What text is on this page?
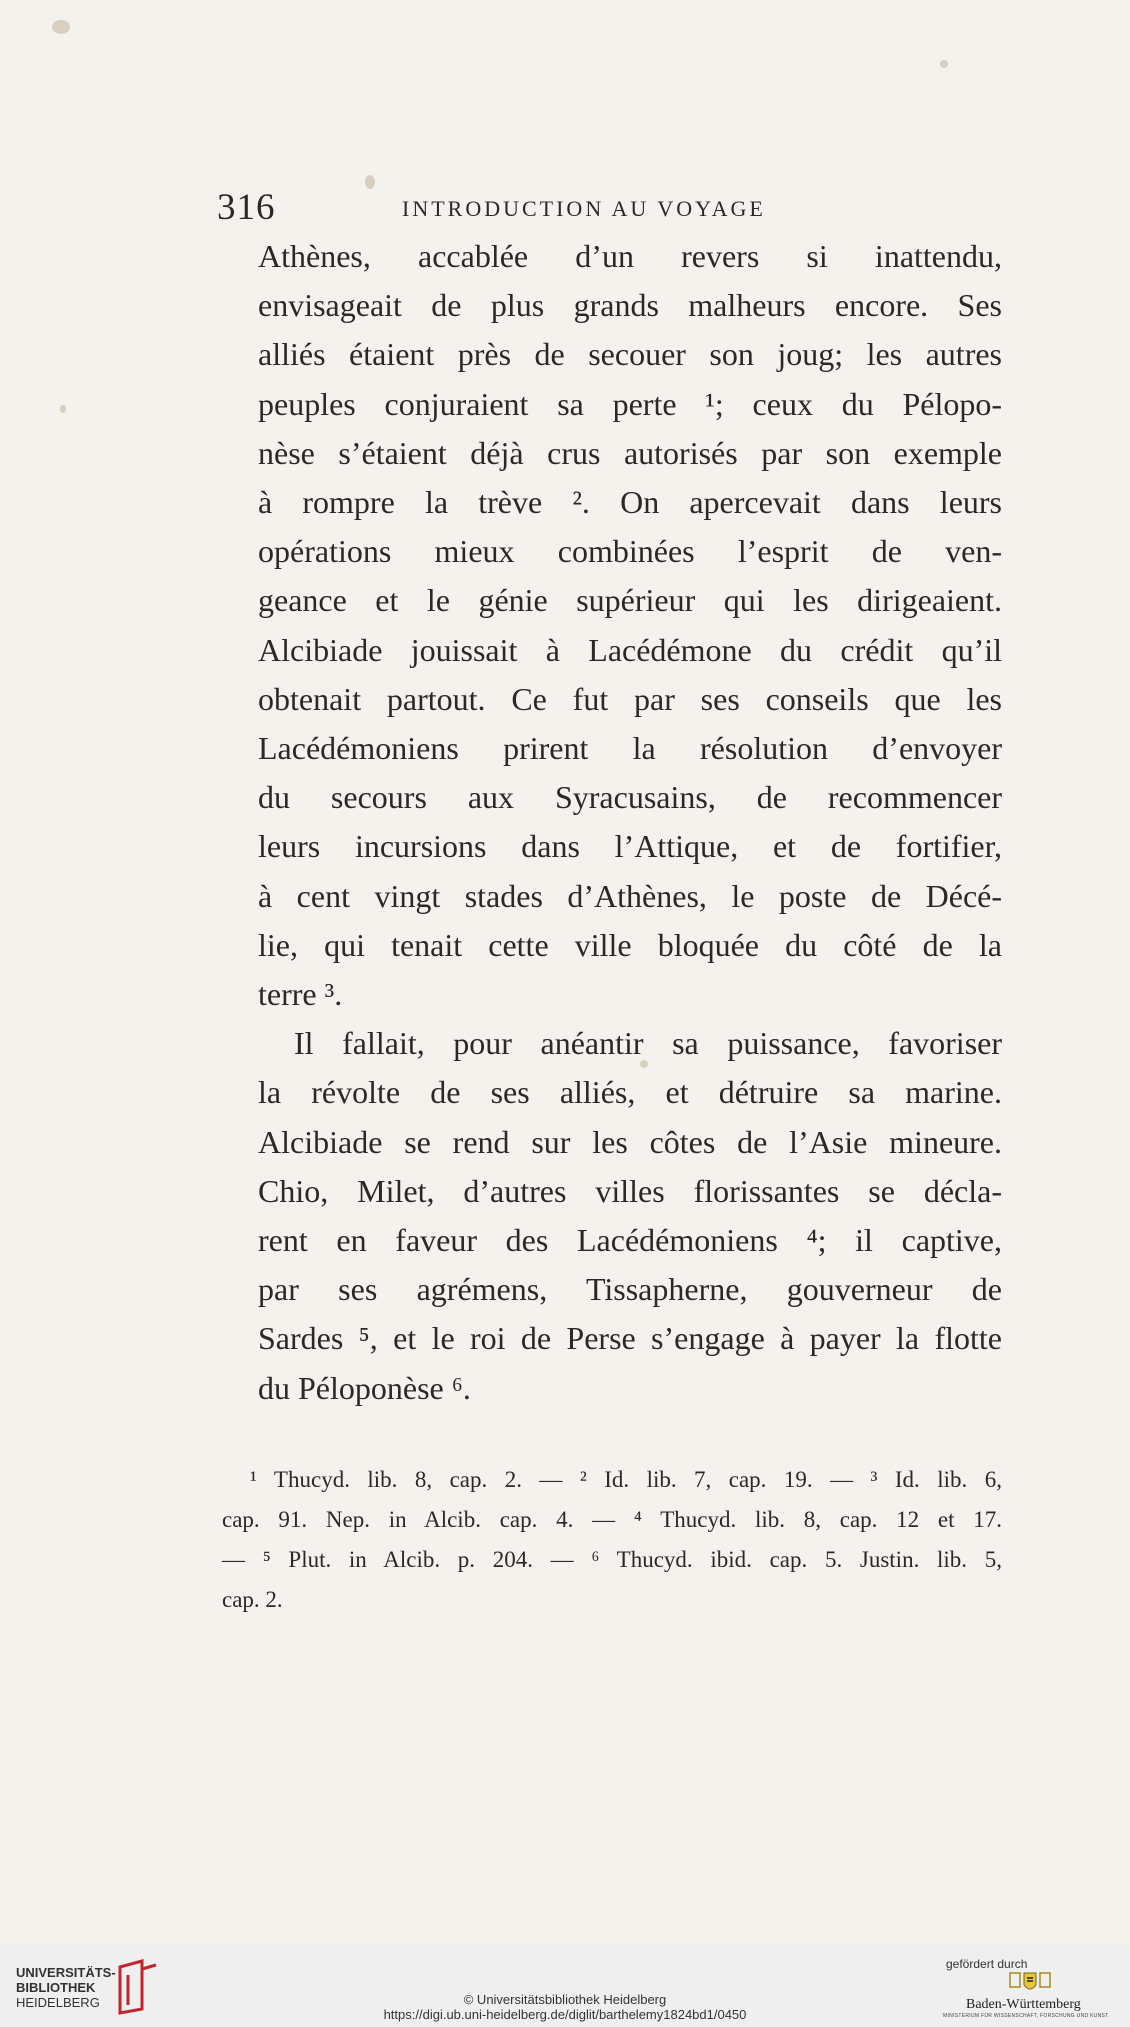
316	INTRODUCTION AU VOYAGE

Athènes, accablée d’un revers si inattendu,
envisageait de plus grands malheurs encore. Ses
alliés étaient près de secouer son joug; les autres
peuples conjuraient sa perte ¹; ceux du Pélopo-
nèse s’étaient déjà crus autorisés par son exemple
à rompre la trève ². On apercevait dans leurs
opérations mieux combinées l’esprit de ven-
geance et le génie supérieur qui les dirigeaient.
Alcibiade jouissait à Lacédémone du crédit qu’il
obtenait partout. Ce fut par ses conseils que les
Lacédémoniens prirent la résolution d’envoyer
du secours aux Syracusains, de recommencer
leurs incursions dans l’Attique, et de fortifier,
à cent vingt stades d’Athènes, le poste de Décé-
lie, qui tenait cette ville bloquée du côté de la
terre ³.

Il fallait, pour anéantir sa puissance, favoriser
la révolte de ses alliés, et détruire sa marine.
Alcibiade se rend sur les côtes de l’Asie mineure.
Chio, Milet, d’autres villes florissantes se décla-
rent en faveur des Lacédémoniens ⁴; il captive,
par ses agrémens, Tissapherne, gouverneur de
Sardes ⁵, et le roi de Perse s’engage à payer la flotte
du Péloponèse ⁶.

¹ Thucyd. lib. 8, cap. 2. — ² Id. lib. 7, cap. 19. — ³ Id. lib. 6,
cap. 91. Nep. in Alcib. cap. 4. — ⁴ Thucyd. lib. 8, cap. 12 et 17.
— ⁵ Plut. in Alcib. p. 204. — ⁶ Thucyd. ibid. cap. 5. Justin. lib. 5,
cap. 2.
UNIVERSITÄTS-
BIBLIOTHEK
HEIDELBERG	© Universitätsbibliothek Heidelberg
https://digi.ub.uni-heidelberg.de/diglit/barthelemy1824bd1/0450
gefördert durch
Baden-Württemberg
MINISTERIUM FÜR WISSENSCHAFT, FORSCHUNG UND KUNST
